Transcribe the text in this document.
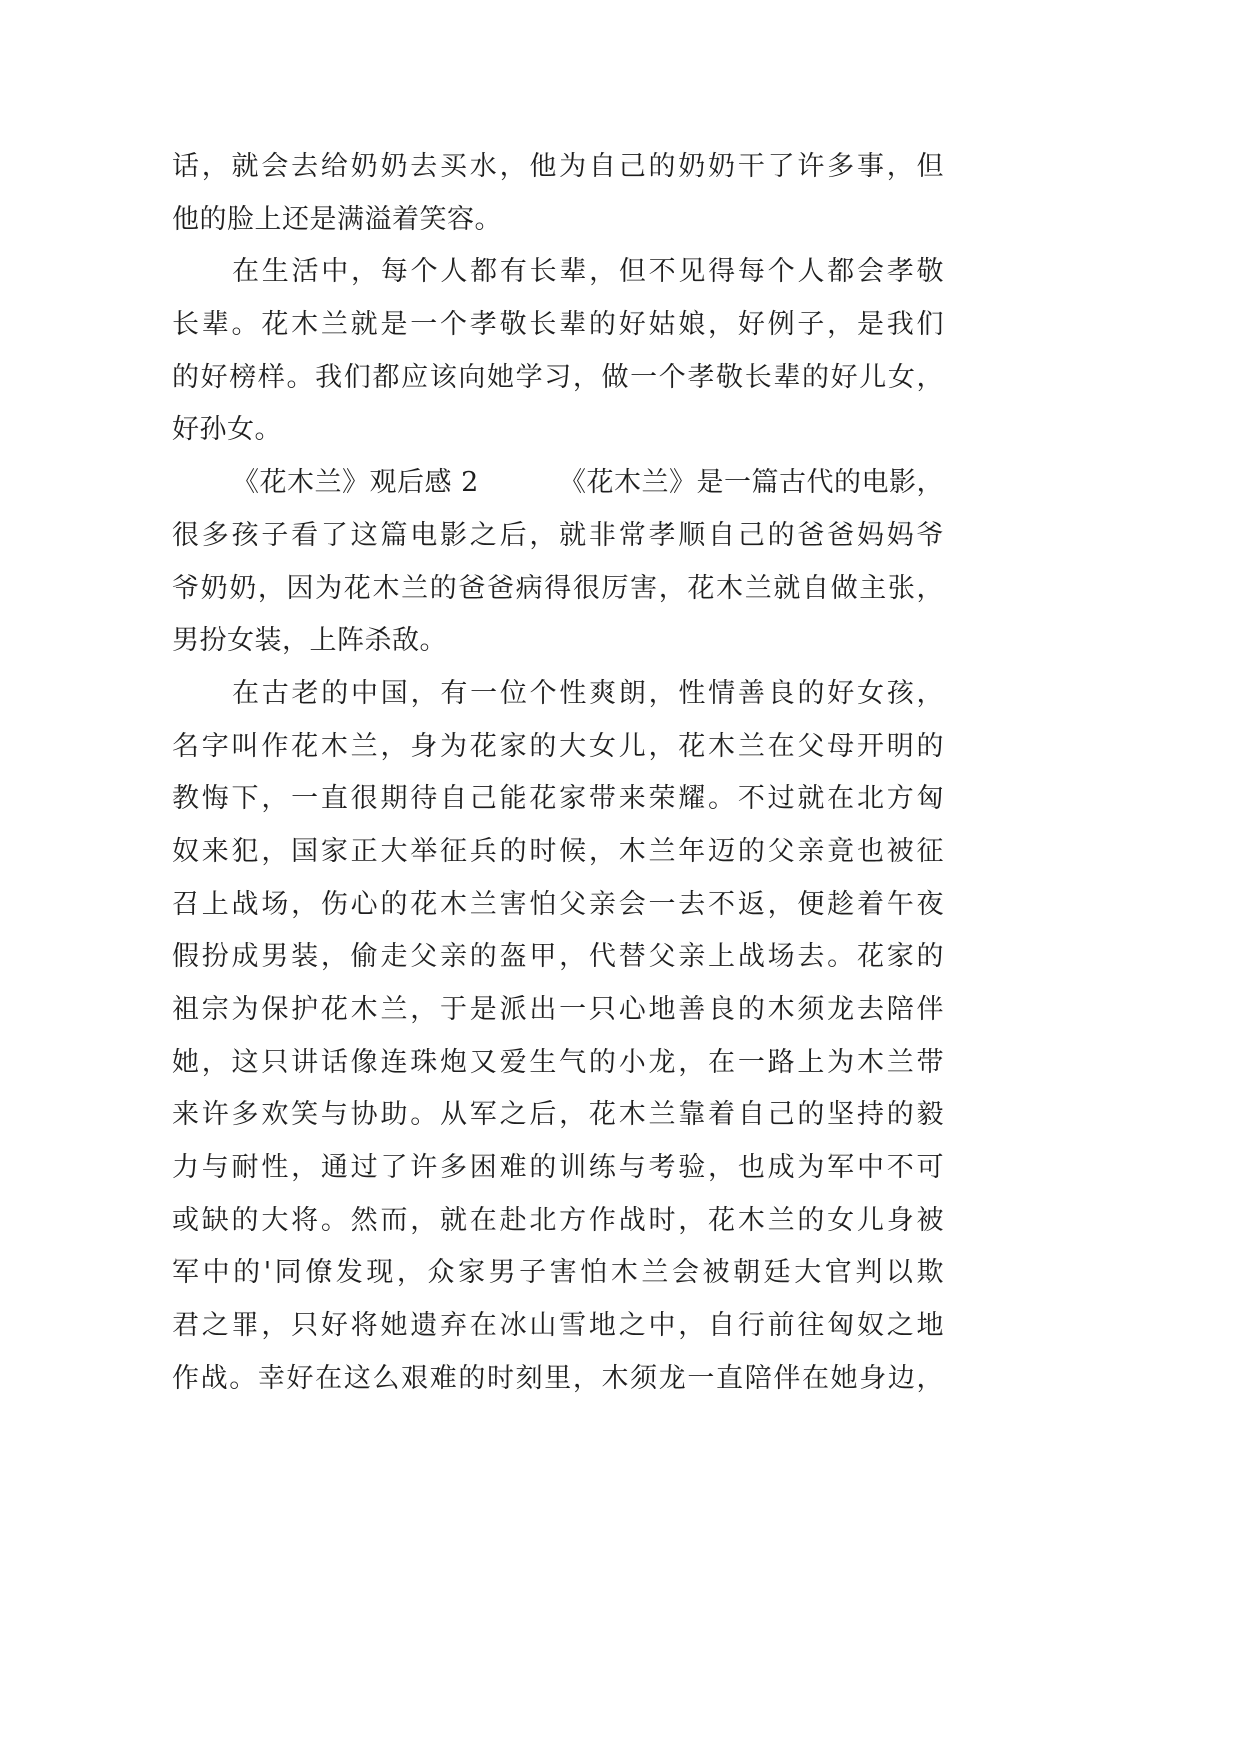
话，就会去给奶奶去买水，他为自己的奶奶干了许多事，但
他的脸上还是满溢着笑容。
在生活中，每个人都有长辈，但不见得每个人都会孝敬
长辈。花木兰就是一个孝敬长辈的好姑娘，好例子，是我们
的好榜样。我们都应该向她学习，做一个孝敬长辈的好儿女，
好孙女。
《花木兰》观后感 2	《花木兰》是一篇古代的电影，
很多孩子看了这篇电影之后，就非常孝顺自己的爸爸妈妈爷
爷奶奶，因为花木兰的爸爸病得很厉害，花木兰就自做主张，
男扮女装，上阵杀敌。
在古老的中国，有一位个性爽朗，性情善良的好女孩，
名字叫作花木兰，身为花家的大女儿，花木兰在父母开明的
教悔下，一直很期待自己能花家带来荣耀。不过就在北方匈
奴来犯，国家正大举征兵的时候，木兰年迈的父亲竟也被征
召上战场，伤心的花木兰害怕父亲会一去不返，便趁着午夜
假扮成男装，偷走父亲的盔甲，代替父亲上战场去。花家的
祖宗为保护花木兰，于是派出一只心地善良的木须龙去陪伴
她，这只讲话像连珠炮又爱生气的小龙，在一路上为木兰带
来许多欢笑与协助。从军之后，花木兰靠着自己的坚持的毅
力与耐性，通过了许多困难的训练与考验，也成为军中不可
或缺的大将。然而，就在赴北方作战时，花木兰的女儿身被
军中的'同僚发现，众家男子害怕木兰会被朝廷大官判以欺
君之罪，只好将她遗弃在冰山雪地之中，自行前往匈奴之地
作战。幸好在这么艰难的时刻里，木须龙一直陪伴在她身边，
